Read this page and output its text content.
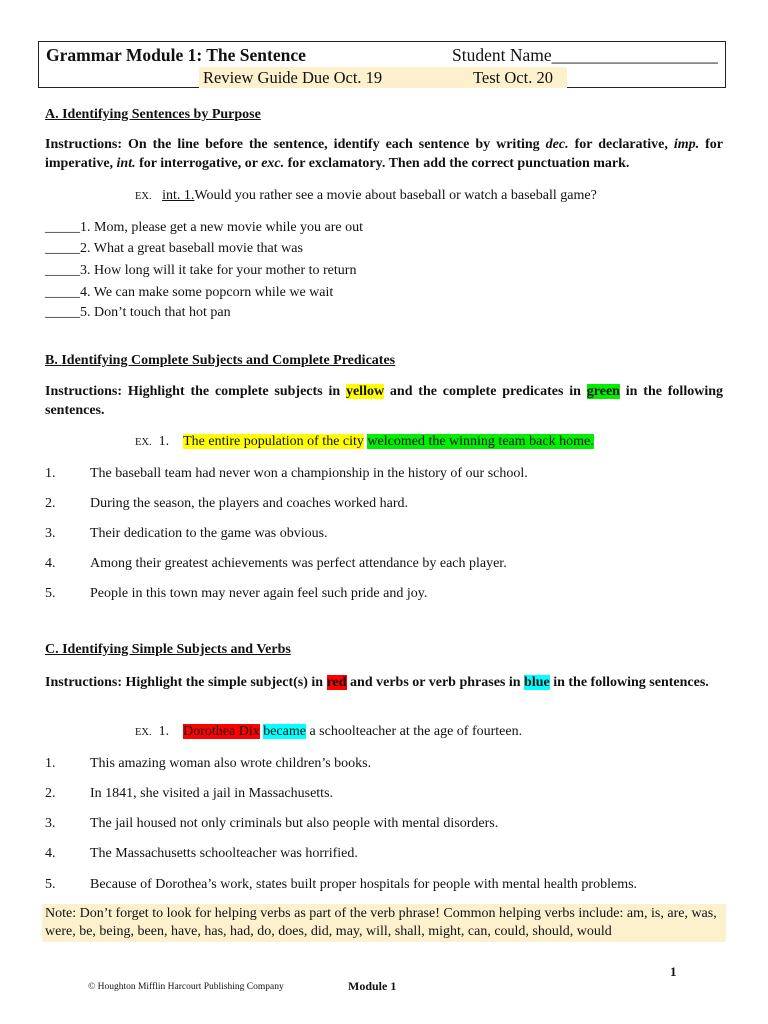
Grammar Module 1: The Sentence	Student Name___________________
Review Guide Due Oct. 19	Test Oct. 20
A. Identifying Sentences by Purpose
Instructions: On the line before the sentence, identify each sentence by writing dec. for declarative, imp. for imperative, int. for interrogative, or exc. for exclamatory. Then add the correct punctuation mark.
EX. int. 1.Would you rather see a movie about baseball or watch a baseball game?
_____1. Mom, please get a new movie while you are out
_____2. What a great baseball movie that was
_____3. How long will it take for your mother to return
_____4. We can make some popcorn while we wait
_____5. Don’t touch that hot pan
B. Identifying Complete Subjects and Complete Predicates
Instructions: Highlight the complete subjects in yellow and the complete predicates in green in the following sentences.
EX. 1. The entire population of the city welcomed the winning team back home.
1. The baseball team had never won a championship in the history of our school.
2. During the season, the players and coaches worked hard.
3. Their dedication to the game was obvious.
4. Among their greatest achievements was perfect attendance by each player.
5. People in this town may never again feel such pride and joy.
C. Identifying Simple Subjects and Verbs
Instructions: Highlight the simple subject(s) in red and verbs or verb phrases in blue in the following sentences.
EX. 1. Dorothea Dix became a schoolteacher at the age of fourteen.
1. This amazing woman also wrote children’s books.
2. In 1841, she visited a jail in Massachusetts.
3. The jail housed not only criminals but also people with mental disorders.
4. The Massachusetts schoolteacher was horrified.
5. Because of Dorothea’s work, states built proper hospitals for people with mental health problems.
Note: Don’t forget to look for helping verbs as part of the verb phrase! Common helping verbs include: am, is, are, was, were, be, being, been, have, has, had, do, does, did, may, will, shall, might, can, could, should, would
1
© Houghton Mifflin Harcourt Publishing Company	Module 1
